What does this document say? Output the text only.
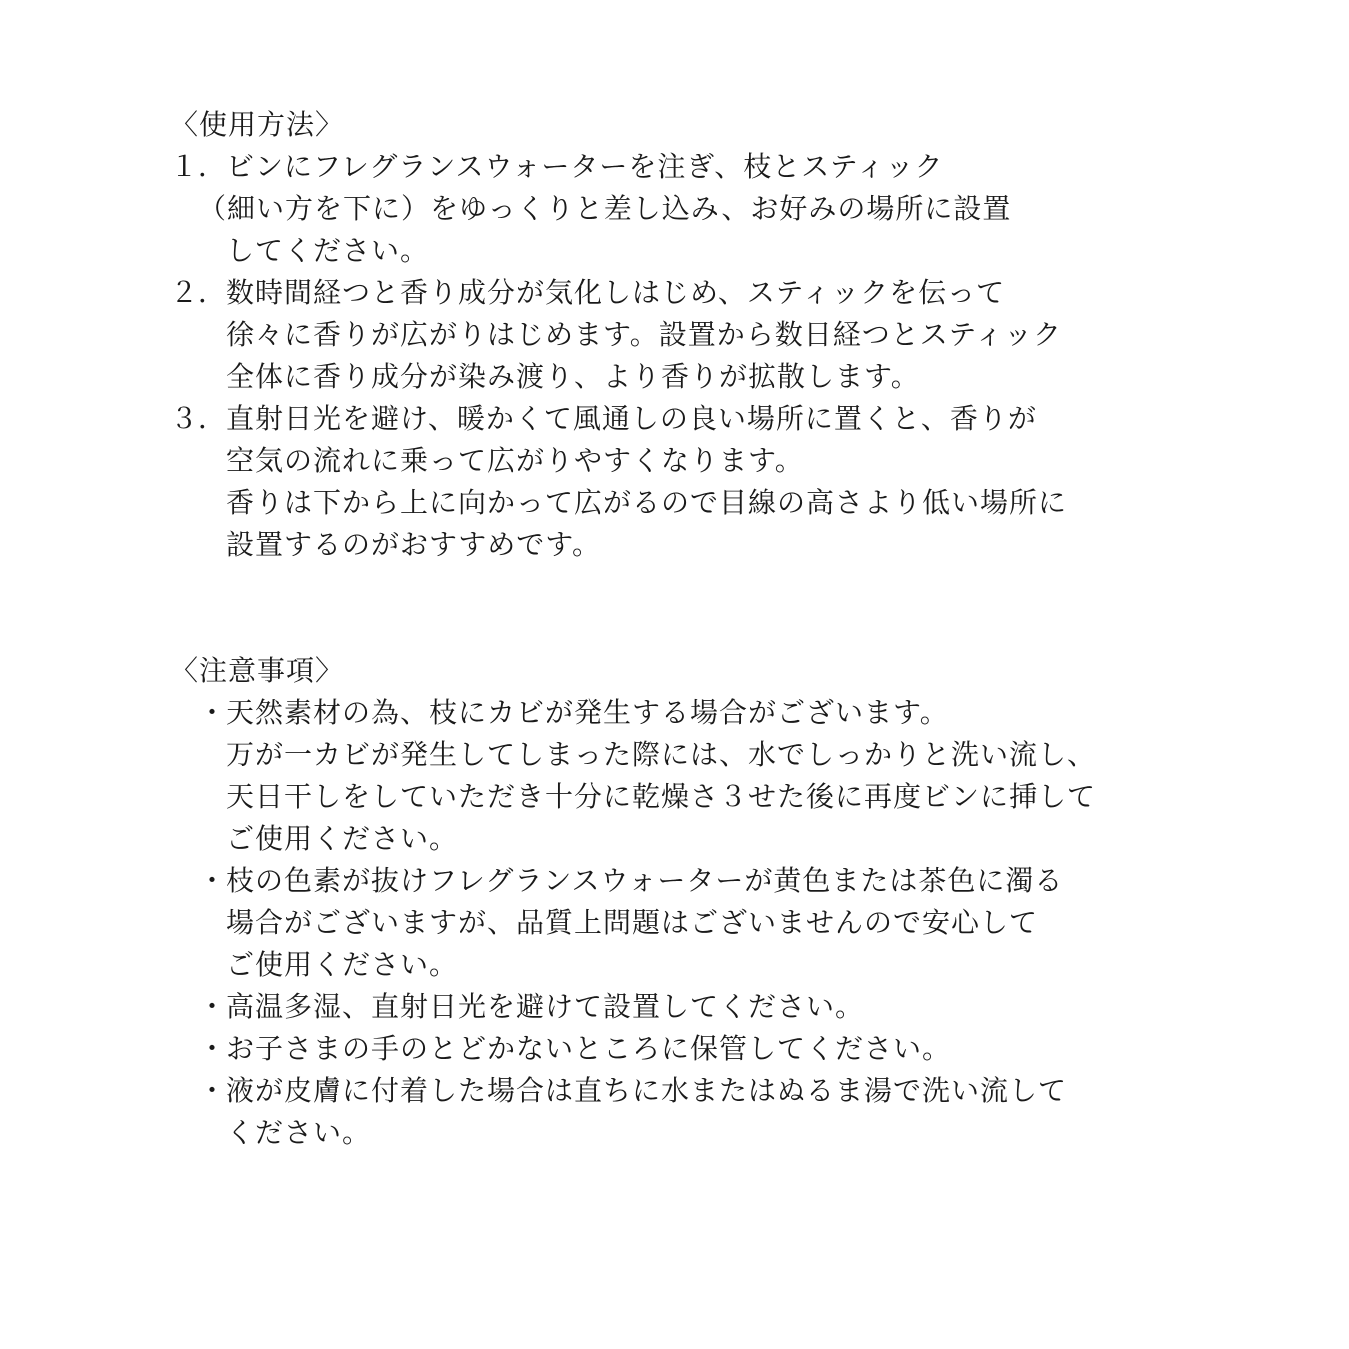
〈使用方法〉
１． ビンにフレグランスウォーターを注ぎ、枝とスティック
（細い方を下に）をゆっくりと差し込み、お好みの場所に設置
してください。
２． 数時間経つと香り成分が気化しはじめ、スティックを伝って
徐々に香りが広がりはじめます。設置から数日経つとスティック
全体に香り成分が染み渡り、より香りが拡散します。
３． 直射日光を避け、暖かくて風通しの良い場所に置くと、香りが
空気の流れに乗って広がりやすくなります。
香りは下から上に向かって広がるので目線の高さより低い場所に
設置するのがおすすめです。
〈注意事項〉
・ 天然素材の為、枝にカビが発生する場合がございます。
万が一カビが発生してしまった際には、水でしっかりと洗い流し、
天日干しをしていただき十分に乾燥さ３せた後に再度ビンに挿して
ご使用ください。
・ 枝の色素が抜けフレグランスウォーターが黄色または茶色に濁る
場合がございますが、品質上問題はございませんので安心して
ご使用ください。
・ 高温多湿、直射日光を避けて設置してください。
・ お子さまの手のとどかないところに保管してください。
・ 液が皮膚に付着した場合は直ちに水またはぬるま湯で洗い流して
ください。
